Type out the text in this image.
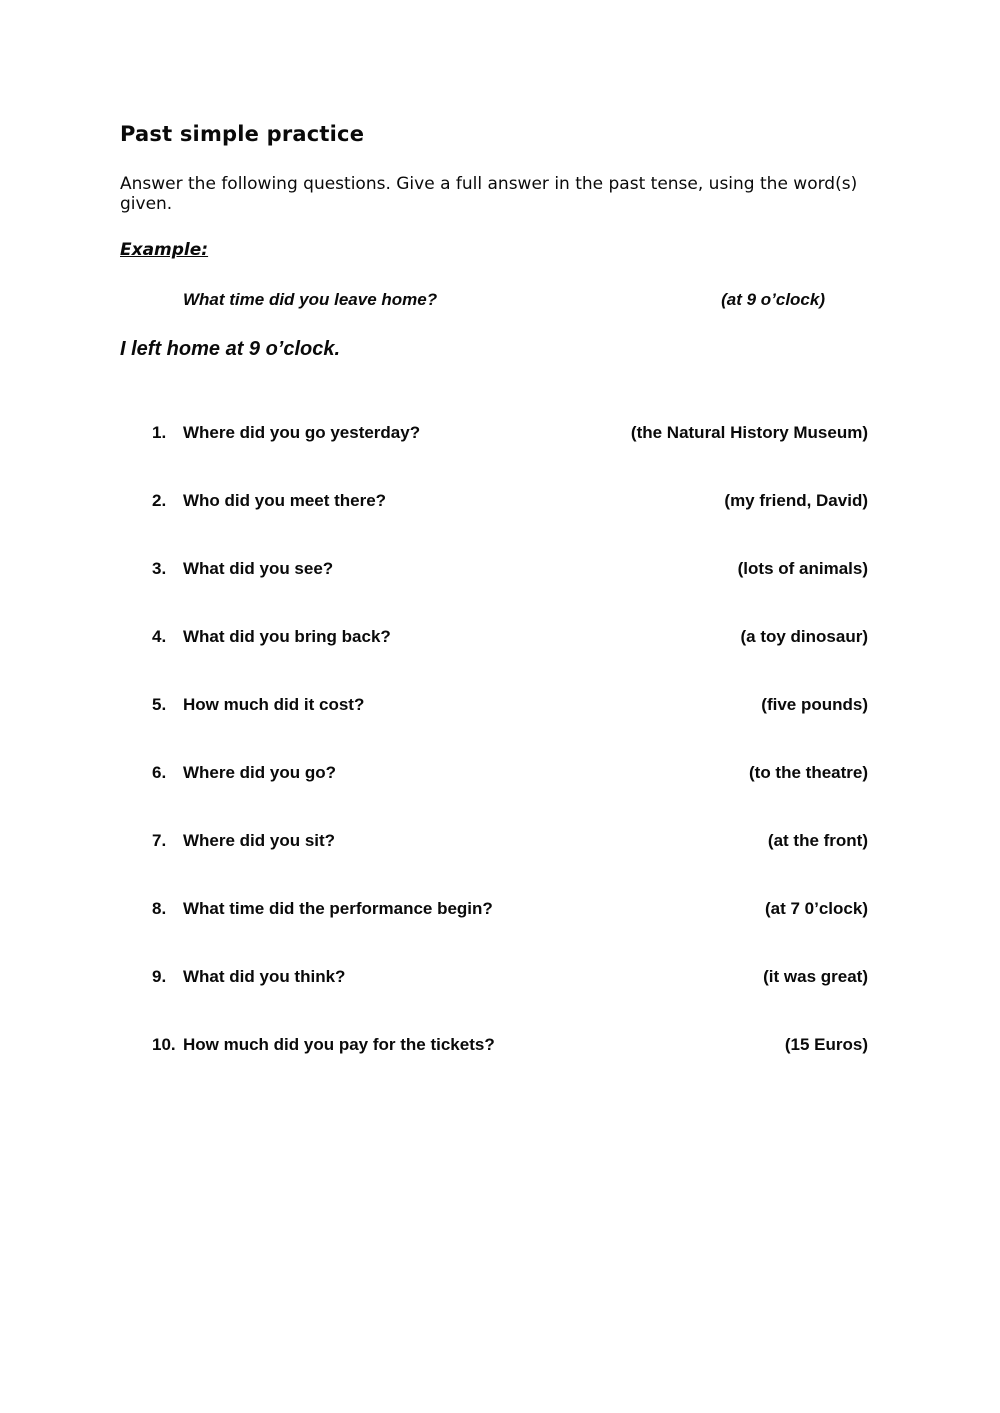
Past simple practice

Answer the following questions. Give a full answer in the past tense, using the word(s) given.

Example:

What time did you leave home?	(at 9 o’clock)

I left home at 9 o’clock.

1. Where did you go yesterday?	(the Natural History Museum)
2. Who did you meet there?	(my friend, David)
3. What did you see?	(lots of animals)
4. What did you bring back?	(a toy dinosaur)
5. How much did it cost?	(five pounds)
6. Where did you go?	(to the theatre)
7. Where did you sit?	(at the front)
8. What time did the performance begin?	(at 7 0’clock)
9. What did you think?	(it was great)
10. How much did you pay for the tickets?	(15 Euros)
